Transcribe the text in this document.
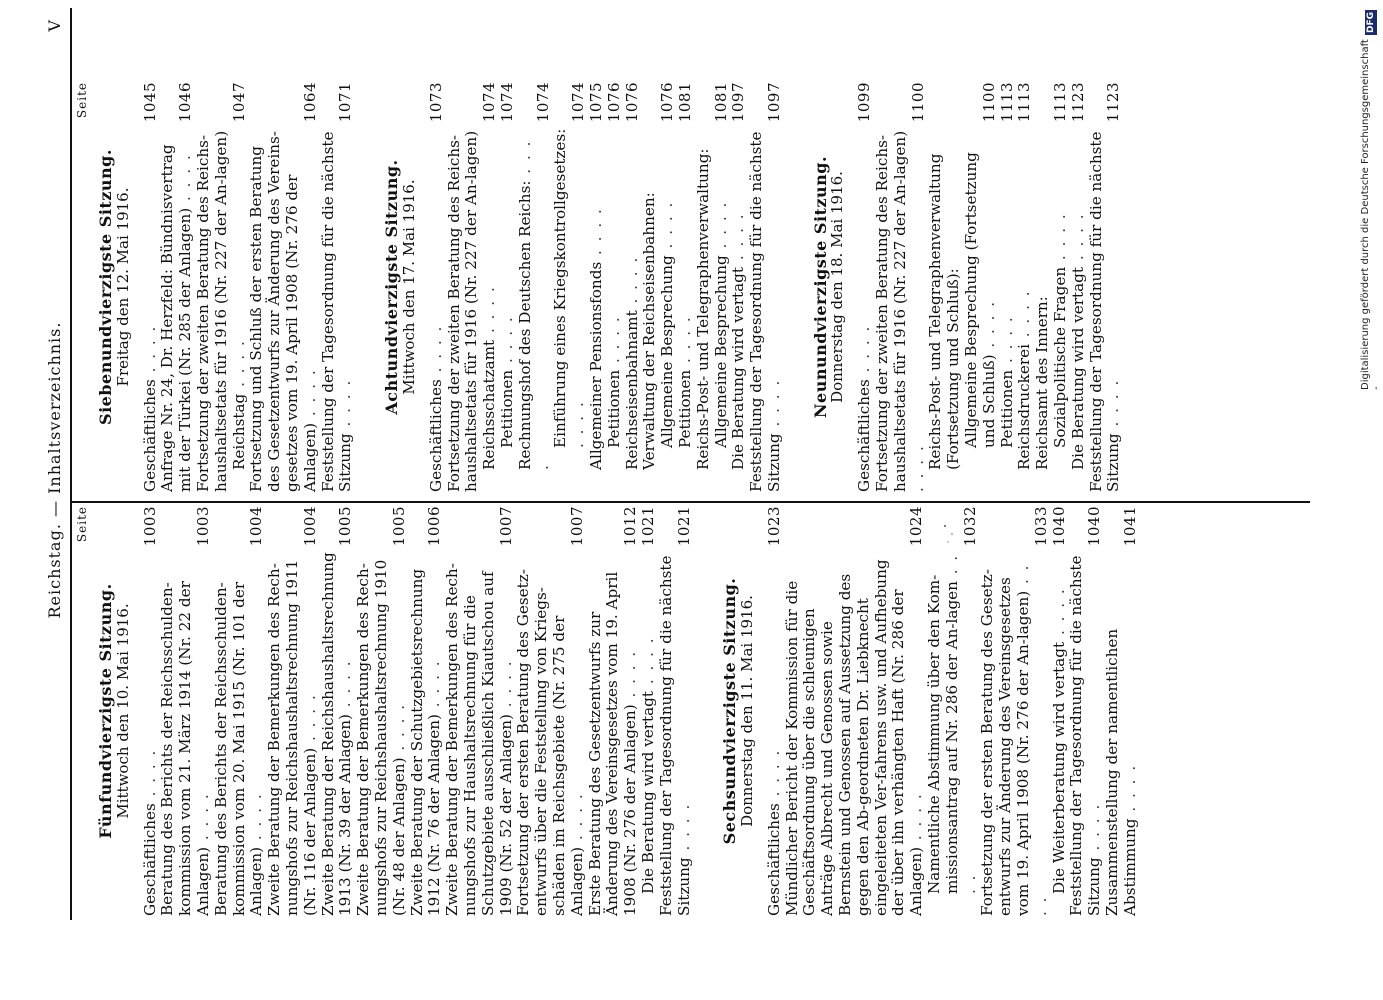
Reichstag. — Inhaltsverzeichnis.
V
Seite
Fünfundvierzigste Sitzung.
Mittwoch den 10. Mai 1916.
Geschäftliches . . . .
1003
Beratung des Berichts der Reichsschulden-kommission vom 21. März 1914 (Nr. 22 der Anlagen) . . . .
1003
Beratung des Berichts der Reichsschulden-kommission vom 20. Mai 1915 (Nr. 101 der Anlagen) . . . .
1004
Zweite Beratung der Bemerkungen des Rech-nungshofs zur Reichshaushaltsrechnung 1911 (Nr. 116 der Anlagen) . . . .
1004
Zweite Beratung der Reichshaushaltsrechnung 1913 (Nr. 39 der Anlagen) . . . .
1005
Zweite Beratung der Bemerkungen des Rech-nungshofs zur Reichshaushaltsrechnung 1910 (Nr. 48 der Anlagen) . . . .
1005
Zweite Beratung der Schutzgebietsrechnung 1912 (Nr. 76 der Anlagen) . . . .
1006
Zweite Beratung der Bemerkungen des Rech-nungshofs zur Haushaltsrechnung für die Schutzgebiete ausschließlich Kiautschou auf 1909 (Nr. 52 der Anlagen) . . . .
1007
Fortsetzung der ersten Beratung des Gesetz-entwurfs über die Feststellung von Kriegs-schäden im Reichsgebiete (Nr. 275 der Anlagen) . . . .
1007
Erste Beratung des Gesetzentwurfs zur Änderung des Vereinsgesetzes vom 19. April 1908 (Nr. 276 der Anlagen) . . . .
1012
Die Beratung wird vertagt . . . .
1021
Feststellung der Tagesordnung für die nächste Sitzung . . . .
1021
Sechsundvierzigste Sitzung.
Donnerstag den 11. Mai 1916.
Geschäftliches . . . .
1023
Mündlicher Bericht der Kommission für die Geschäftsordnung über die schleunigen Anträge Albrecht und Genossen sowie Bernstein und Genossen auf Aussetzung des gegen den Ab-geordneten Dr. Liebknecht eingeleiteten Ver-fahrens usw. und Aufhebung der über ihn verhängten Haft (Nr. 286 der Anlagen) . . . .
1024
Namentliche Abstimmung über den Kom-missionsantrag auf Nr. 286 der An-lagen . . . .
1032
Fortsetzung der ersten Beratung des Gesetz-entwurfs zur Änderung des Vereinsgesetzes vom 19. April 1908 (Nr. 276 der An-lagen) . . . .
1033
Die Weiterberatung wird vertagt . . . .
1040
Feststellung der Tagesordnung für die nächste Sitzung . . . .
1040
Zusammenstellung der namentlichen Abstimmung . . . .
1041
Seite
Siebenundvierzigste Sitzung.
Freitag den 12. Mai 1916.
Geschäftliches . . . .
1045
Anfrage Nr. 24, Dr. Herzfeld: Bündnisvertrag mit der Türkei (Nr. 285 der Anlagen) . . . .
1046
Fortsetzung der zweiten Beratung des Reichs-haushaltsetats für 1916 (Nr. 227 der An-lagen) Reichstag . . . .
1047
Fortsetzung und Schluß der ersten Beratung des Gesetzentwurfs zur Änderung des Vereins-gesetzes vom 19. April 1908 (Nr. 276 der Anlagen) . . . .
1064
Feststellung der Tagesordnung für die nächste Sitzung . . . .
1071
Achtundvierzigste Sitzung.
Mittwoch den 17. Mai 1916.
Geschäftliches . . . .
1073
Fortsetzung der zweiten Beratung des Reichs-haushaltsetats für 1916 (Nr. 227 der An-lagen) Reichsschatzamt . . . .
1074
Petitionen . . . .
1074
Rechnungshof des Deutschen Reichs: . . . .
1074
Einführung eines Kriegskontrollgesetzes: . . . .
1074
Allgemeiner Pensionsfonds . . . .
1075
Petitionen . . . .
1076
Reichseisenbahnamt . . . .
1076
Verwaltung der Reichseisenbahnen: Allgemeine Besprechung . . . .
1076
Petitionen . . . .
1081
Reichs-Post- und Telegraphenverwaltung: Allgemeine Besprechung . . . .
1081
Die Beratung wird vertagt . . . .
1097
Feststellung der Tagesordnung für die nächste Sitzung . . . .
1097
Neunundvierzigste Sitzung.
Donnerstag den 18. Mai 1916.
Geschäftliches . . . .
1099
Fortsetzung der zweiten Beratung des Reichs-haushaltsetats für 1916 (Nr. 227 der An-lagen) . . . .
1100
Reichs-Post- und Telegraphenverwaltung (Fortsetzung und Schluß): Allgemeine Besprechung (Fortsetzung und Schluß) . . . .
1100
Petitionen . . . .
1113
Reichsdruckerei . . . .
1113
Reichsamt des Innern: Sozialpolitische Fragen . . . .
1113
Die Beratung wird vertagt . . . .
1123
Feststellung der Tagesordnung für die nächste Sitzung . . . .
1123	Digitalisierung gefördert durch die Deutsche Forschungsgemeinschaft -
DFG
